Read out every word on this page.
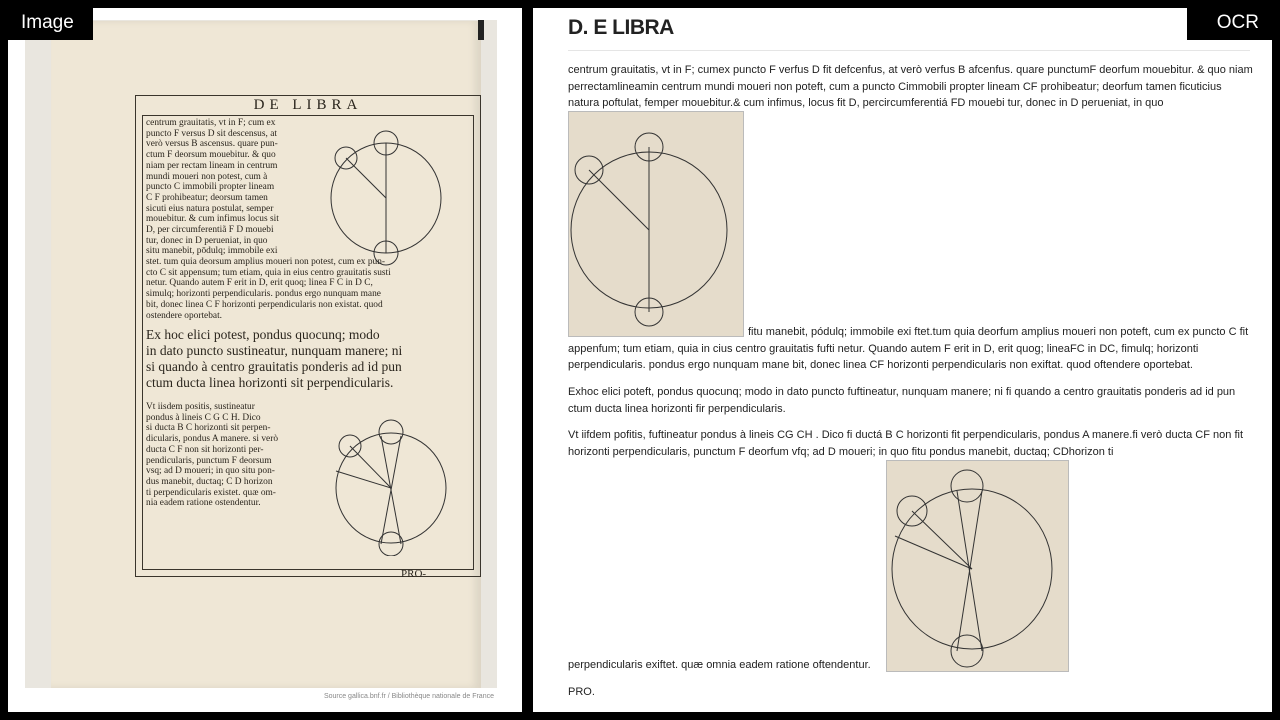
DE LIBRA
centrum grauitatis, vt in F; cum ex
puncto F versus D sit descensus, at
verò versus B ascensus. quare pun-
ctum F deorsum mouebitur. & quo
niam per rectam lineam in centrum
mundi moueri non potest, cum à
puncto C immobili propter lineam
C F prohibeatur; deorsum tamen
sicuti eius natura postulat, semper
mouebitur. & cum infimus locus sit
D, per circumferentiã F D mouebi
tur, donec in D perueniat, in quo
situ manebit, pōdulq; immobile exi
stet. tum quia deorsum amplius moueri non potest, cum ex pun-
cto C sit appensum; tum etiam, quia in eius centro grauitatis susti
netur. Quando autem F erit in D, erit quoq; linea F C in D C,
simulq; horizonti perpendicularis. pondus ergo nunquam mane
bit, donec linea C F horizonti perpendicularis non existat. quod
ostendere oportebat.
Ex hoc elici potest, pondus quocunq; modo
in dato puncto sustineatur, nunquam manere; ni
si quando à centro grauitatis ponderis ad id pun
ctum ducta linea horizonti sit perpendicularis.
Vt iisdem positis, sustineatur
pondus à lineis C G C H. Dico
si ducta B C horizonti sit perpen-
dicularis, pondus A manere. si verò
ducta C F non sit horizonti per-
pendicularis, punctum F deorsum
vsq; ad D moueri; in quo situ pon-
dus manebit, ductaq; C D horizon
ti perpendicularis existet. quæ om-
nia eadem ratione ostendentur.
PRO-
Source gallica.bnf.fr / Bibliothèque nationale de France
Image	D. E LIBRA
centrum grauitatis, vt in F; cumex puncto F verfus D fit defcenfus, at verò verfus B afcenfus. quare punctumF deorfum mouebitur. & quo niam perrectamlineamin centrum mundi moueri non poteft, cum a puncto Cimmobili propter lineam CF prohibeatur; deorfum tamen ficuticius natura poftulat, femper mouebitur.& cum infimus, locus fit D, percircumferentiá FD mouebi tur, donec in D perueniat, in quo
fitu manebit, pódulq; immobile exi ftet.tum quia deorfum amplius moueri non poteft, cum ex puncto C fit appenfum; tum etiam, quia in cius centro grauitatis fufti netur. Quando autem F erit in D, erit quog; lineaFC in DC, fimulq; horizonti perpendicularis. pondus ergo nunquam mane bit, donec linea CF horizonti perpendicularis non exiftat. quod oftendere oportebat.
Exhoc elici poteft, pondus quocunq; modo in dato puncto fuftineatur, nunquam manere; ni fi quando a centro grauitatis ponderis ad id pun ctum ducta linea horizonti fir perpendicularis.
Vt iifdem pofitis, fuftineatur pondus à lineis CG CH . Dico fi ductá B C horizonti fit perpendicularis, pondus A manere.fi verò ducta CF non fit horizonti perpendicularis, punctum F deorfum vfq; ad D moueri; in quo fitu pondus manebit, ductaq; CDhorizon ti
perpendicularis exiftet. quæ omnia eadem ratione oftendentur.
PRO.
OCR
